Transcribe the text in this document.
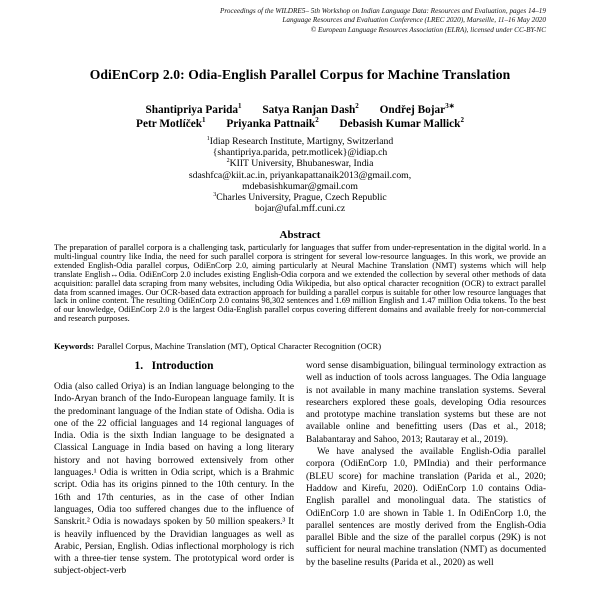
Proceedings of the WILDRE5– 5th Workshop on Indian Language Data: Resources and Evaluation, pages 14–19
Language Resources and Evaluation Conference (LREC 2020), Marseille, 11–16 May 2020
© European Language Resources Association (ELRA), licensed under CC-BY-NC
OdiEnCorp 2.0: Odia-English Parallel Corpus for Machine Translation
Shantipriya Parida$^1$ Satya Ranjan Dash$^2$ Ondřej Bojar$^{3∗}$
Petr Motlíček$^1$ Priyanka Pattnaik$^2$ Debasish Kumar Mallick$^2$
$^1$Idiap Research Institute, Martigny, Switzerland
{shantipriya.parida, petr.motlicek}@idiap.ch
$^2$KIIT University, Bhubaneswar, India
sdashfca@kiit.ac.in, priyankapattanaik2013@gmail.com,
mdebasishkumar@gmail.com
$^3$Charles University, Prague, Czech Republic
bojar@ufal.mff.cuni.cz
Abstract

The preparation of parallel corpora is a challenging task, particularly for languages that suffer from under-representation in the digital world. In a multi-lingual country like India, the need for such parallel corpora is stringent for several low-resource languages. In this work, we provide an extended English-Odia parallel corpus, OdiEnCorp 2.0, aiming particularly at Neural Machine Translation (NMT) systems which will help translate English↔Odia. OdiEnCorp 2.0 includes existing English-Odia corpora and we extended the collection by several other methods of data acquisition: parallel data scraping from many websites, including Odia Wikipedia, but also optical character recognition (OCR) to extract parallel data from scanned images. Our OCR-based data extraction approach for building a parallel corpus is suitable for other low resource languages that lack in online content. The resulting OdiEnCorp 2.0 contains 98,302 sentences and 1.69 million English and 1.47 million Odia tokens. To the best of our knowledge, OdiEnCorp 2.0 is the largest Odia-English parallel corpus covering different domains and available freely for non-commercial and research purposes.

Keywords: Parallel Corpus, Machine Translation (MT), Optical Character Recognition (OCR)

1.   Introduction

Odia (also called Oriya) is an Indian language belonging to the Indo-Aryan branch of the Indo-European language family. It is the predominant language of the Indian state of Odisha. Odia is one of the 22 official languages and 14 regional languages of India. Odia is the sixth Indian language to be designated a Classical Language in India based on having a long literary history and not having borrowed extensively from other languages.¹ Odia is written in Odia script, which is a Brahmic script. Odia has its origins pinned to the 10th century. In the 16th and 17th centuries, as in the case of other Indian languages, Odia too suffered changes due to the influence of Sanskrit.² Odia is nowadays spoken by 50 million speakers.³ It is heavily influenced by the Dravidian languages as well as Arabic, Persian, English. Odias inflectional morphology is rich with a three-tier tense system. The prototypical word order is subject-object-verb

word sense disambiguation, bilingual terminology extraction as well as induction of tools across languages. The Odia language is not available in many machine translation systems. Several researchers explored these goals, developing Odia resources and prototype machine translation systems but these are not available online and benefitting users (Das et al., 2018; Balabantaray and Sahoo, 2013; Rautaray et al., 2019).

We have analysed the available English-Odia parallel corpora (OdiEnCorp 1.0, PMIndia) and their performance (BLEU score) for machine translation (Parida et al., 2020; Haddow and Kirefu, 2020). OdiEnCorp 1.0 contains Odia-English parallel and monolingual data. The statistics of OdiEnCorp 1.0 are shown in Table 1. In OdiEnCorp 1.0, the parallel sentences are mostly derived from the English-Odia parallel Bible and the size of the parallel corpus (29K) is not sufficient for neural machine translation (NMT) as documented by the baseline results (Parida et al., 2020) as well
